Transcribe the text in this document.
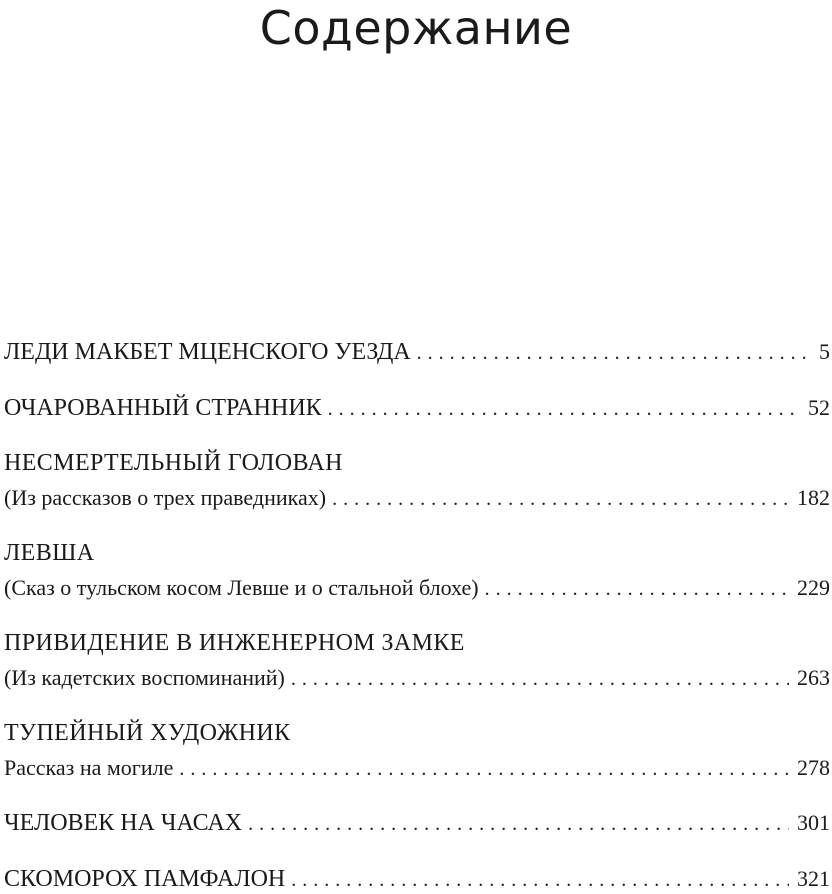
Содержание
ЛЕДИ МАКБЕТ МЦЕНСКОГО УЕЗДА . . .	5
ОЧАРОВАННЫЙ СТРАННИК . . .	52
НЕСМЕРТЕЛЬНЫЙ ГОЛОВАН
(Из рассказов о трех праведниках) . . .	182
ЛЕВША
(Сказ о тульском косом Левше и о стальной блохе) . . .	229
ПРИВИДЕНИЕ В ИНЖЕНЕРНОМ ЗАМКЕ
(Из кадетских воспоминаний) . . .	263
ТУПЕЙНЫЙ ХУДОЖНИК
Рассказ на могиле . . .	278
ЧЕЛОВЕК НА ЧАСАХ . . .	301
СКОМОРОХ ПАМФАЛОН . . .	321
